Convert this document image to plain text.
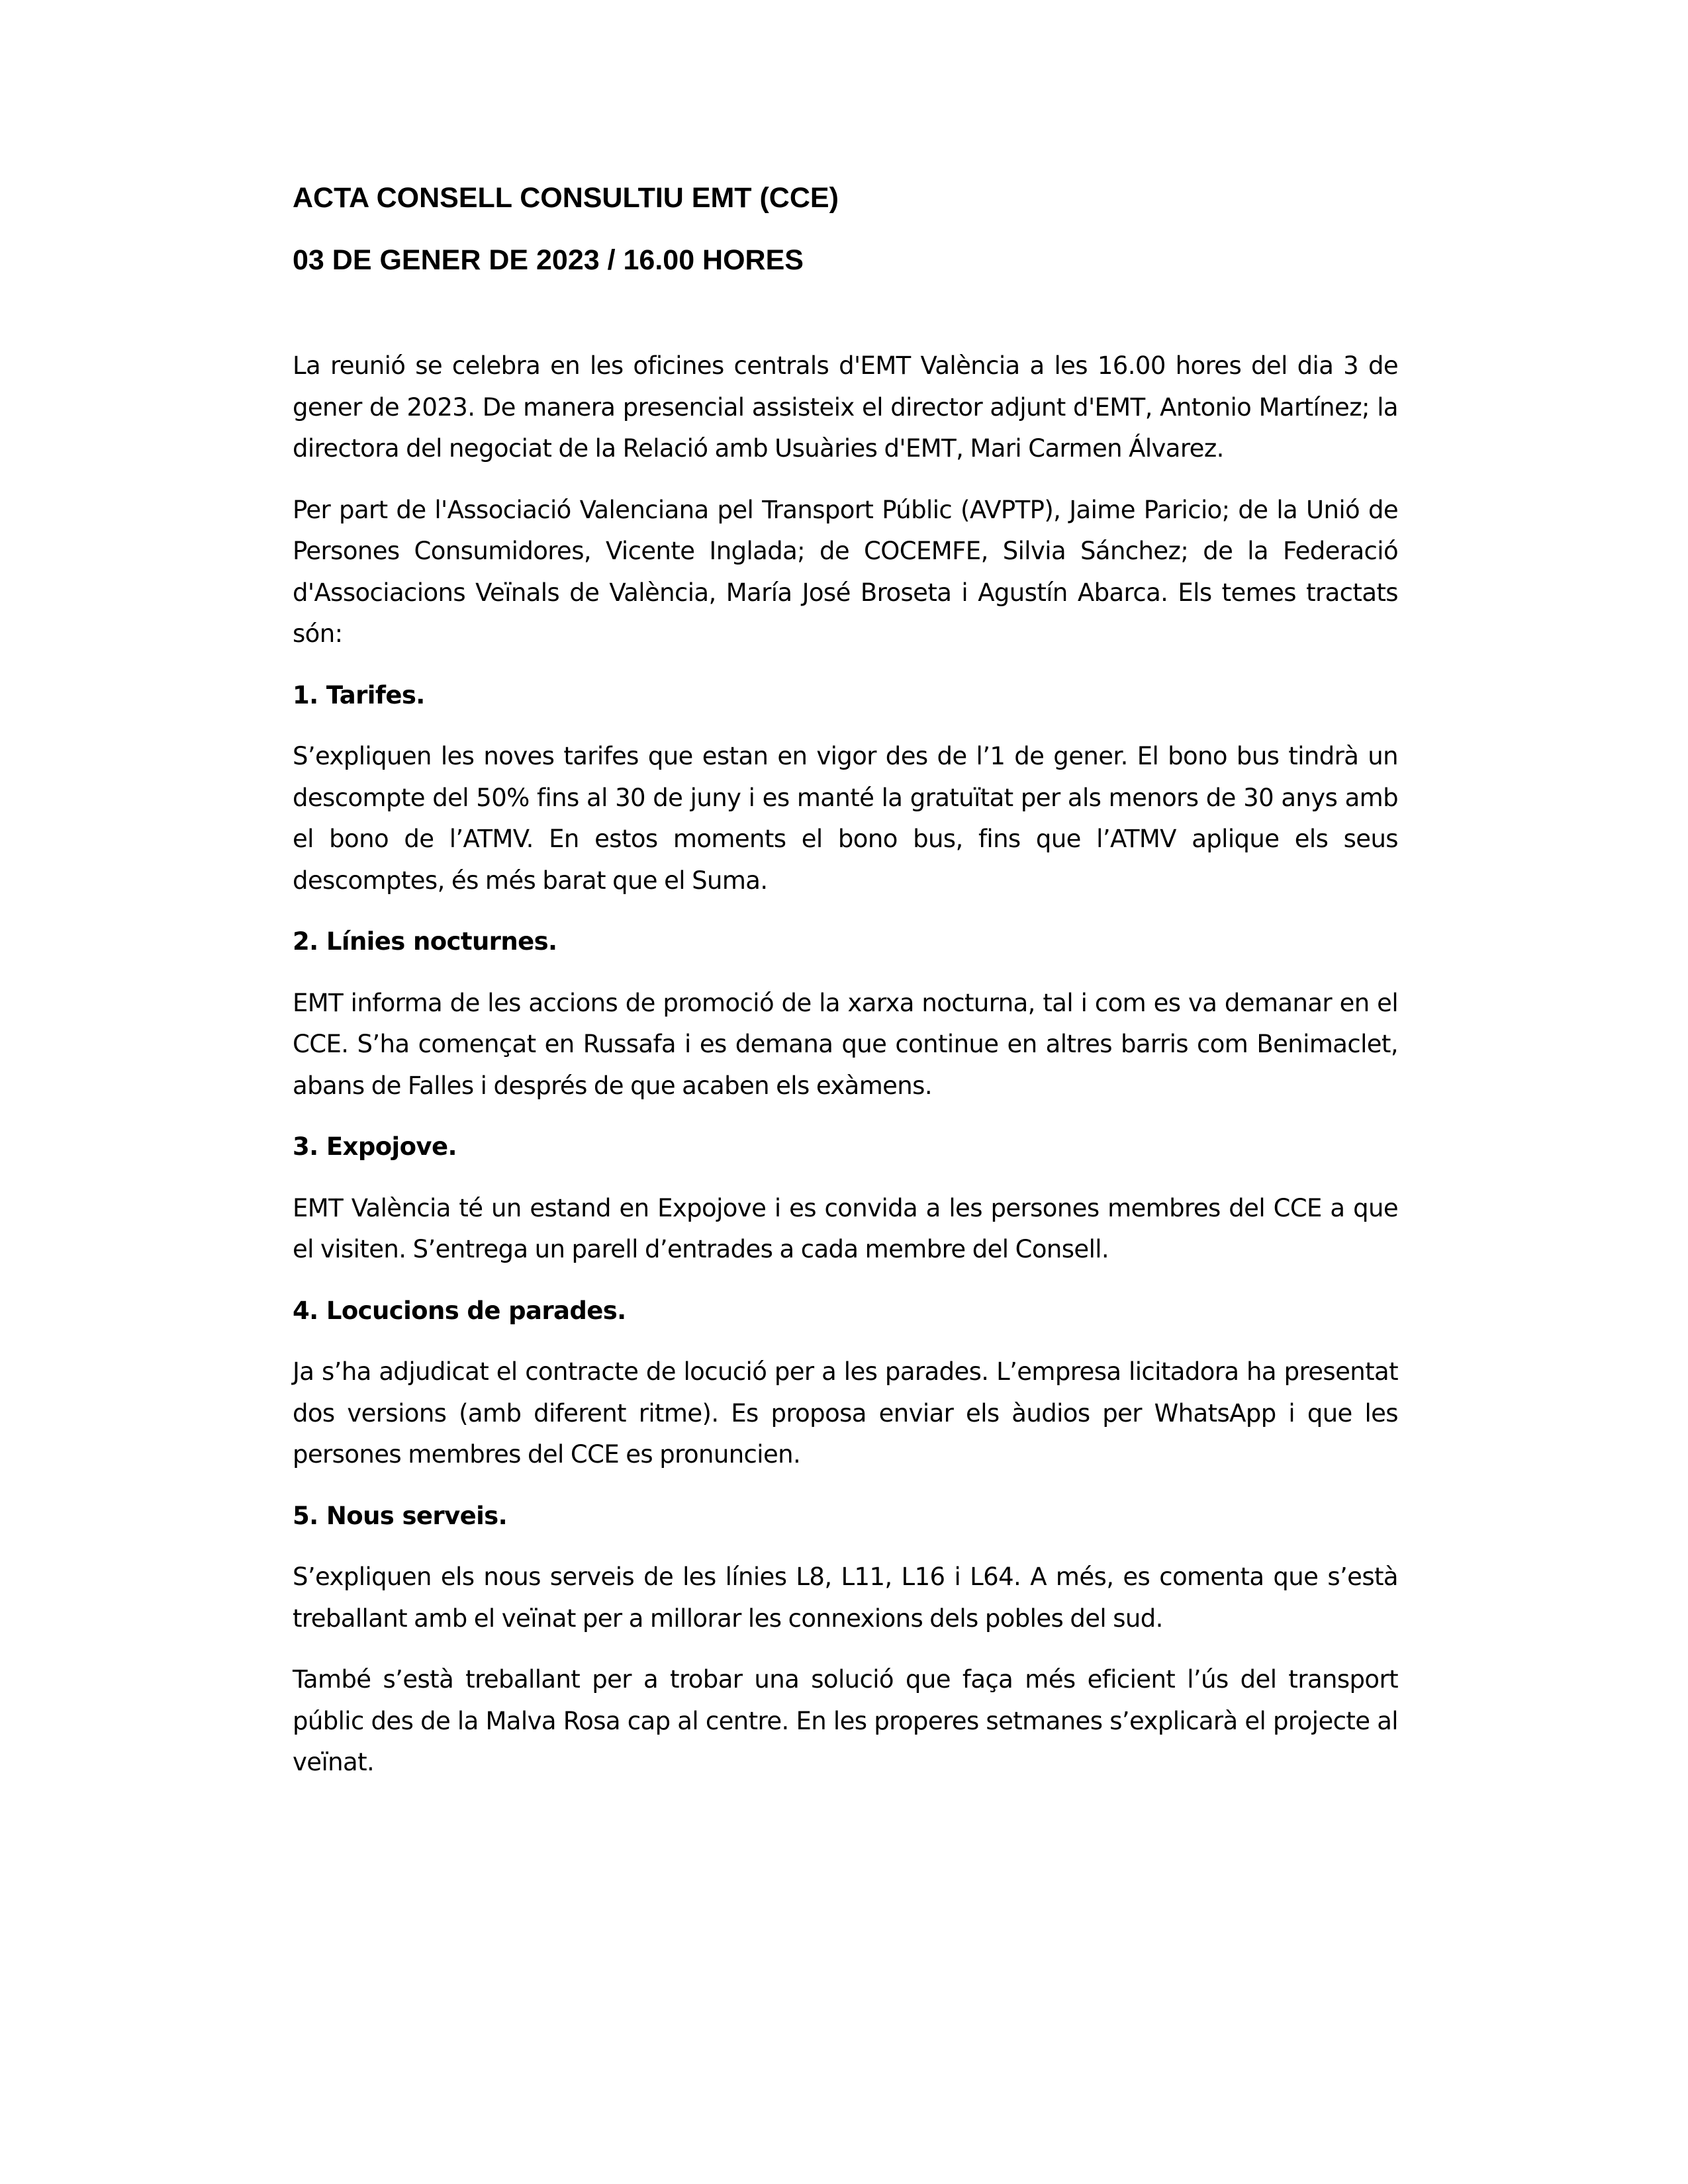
ACTA CONSELL CONSULTIU EMT (CCE)
03 DE GENER DE 2023 / 16.00 HORES

La reunió se celebra en les oficines centrals d'EMT València a les 16.00 hores del dia 3 de gener de 2023. De manera presencial assisteix el director adjunt d'EMT, Antonio Martínez; la directora del negociat de la Relació amb Usuàries d'EMT, Mari Carmen Álvarez.

Per part de l'Associació Valenciana pel Transport Públic (AVPTP), Jaime Paricio; de la Unió de Persones Consumidores, Vicente Inglada; de COCEMFE, Silvia Sánchez; de la Federació d'Associacions Veïnals de València, María José Broseta i Agustín Abarca. Els temes tractats són:

1. Tarifes.

S’expliquen les noves tarifes que estan en vigor des de l’1 de gener. El bono bus tindrà un descompte del 50% fins al 30 de juny i es manté la gratuïtat per als menors de 30 anys amb el bono de l’ATMV. En estos moments el bono bus, fins que l’ATMV aplique els seus descomptes, és més barat que el Suma.

2. Línies nocturnes.

EMT informa de les accions de promoció de la xarxa nocturna, tal i com es va demanar en el CCE. S’ha començat en Russafa i es demana que continue en altres barris com Benimaclet, abans de Falles i després de que acaben els exàmens.

3. Expojove.

EMT València té un estand en Expojove i es convida a les persones membres del CCE a que el visiten. S’entrega un parell d’entrades a cada membre del Consell.

4. Locucions de parades.

Ja s’ha adjudicat el contracte de locució per a les parades. L’empresa licitadora ha presentat dos versions (amb diferent ritme). Es proposa enviar els àudios per WhatsApp i que les persones membres del CCE es pronuncien.

5. Nous serveis.

S’expliquen els nous serveis de les línies L8, L11, L16 i L64. A més, es comenta que s’està treballant amb el veïnat per a millorar les connexions dels pobles del sud.

També s’està treballant per a trobar una solució que faça més eficient l’ús del transport públic des de la Malva Rosa cap al centre. En les properes setmanes s’explicarà el projecte al veïnat.
